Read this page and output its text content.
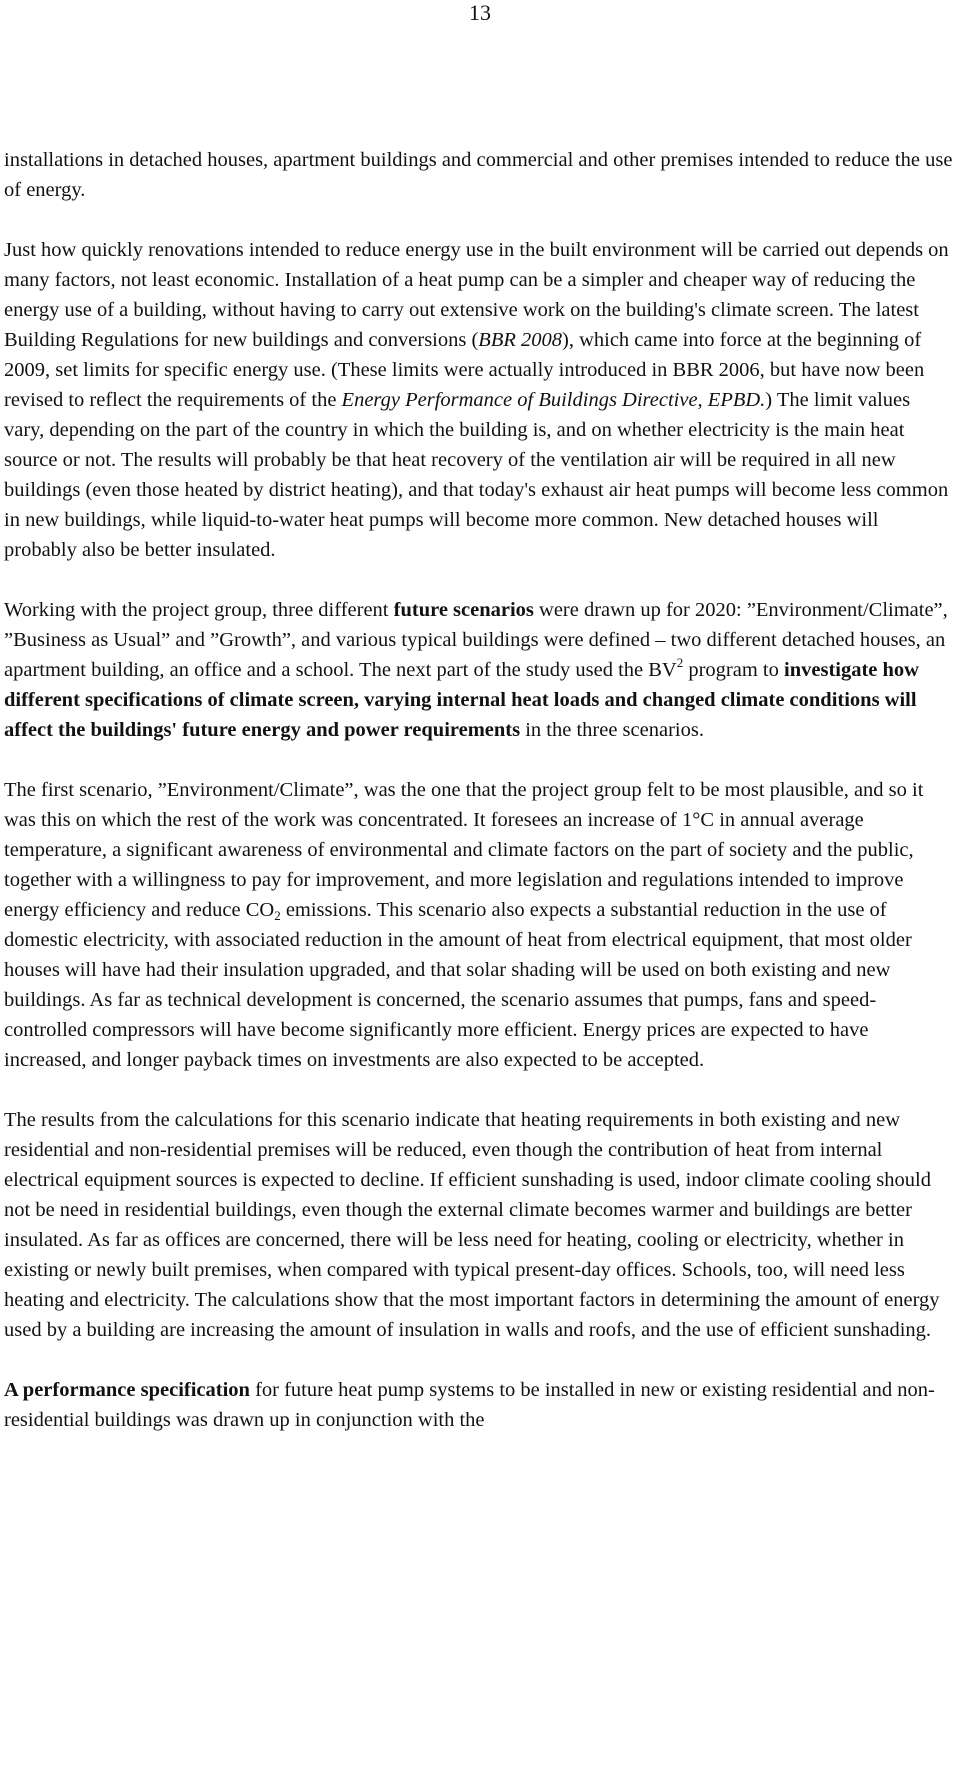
13

installations in detached houses, apartment buildings and commercial and other premises intended to reduce the use of energy.

Just how quickly renovations intended to reduce energy use in the built environment will be carried out depends on many factors, not least economic. Installation of a heat pump can be a simpler and cheaper way of reducing the energy use of a building, without having to carry out extensive work on the building's climate screen. The latest Building Regulations for new buildings and conversions (BBR 2008), which came into force at the beginning of 2009, set limits for specific energy use. (These limits were actually introduced in BBR 2006, but have now been revised to reflect the requirements of the Energy Performance of Buildings Directive, EPBD.) The limit values vary, depending on the part of the country in which the building is, and on whether electricity is the main heat source or not. The results will probably be that heat recovery of the ventilation air will be required in all new buildings (even those heated by district heating), and that today's exhaust air heat pumps will become less common in new buildings, while liquid-to-water heat pumps will become more common. New detached houses will probably also be better insulated.

Working with the project group, three different future scenarios were drawn up for 2020: ”Environment/Climate”, ”Business as Usual” and ”Growth”, and various typical buildings were defined – two different detached houses, an apartment building, an office and a school. The next part of the study used the $BV^2$ program to investigate how different specifications of climate screen, varying internal heat loads and changed climate conditions will affect the buildings' future energy and power requirements in the three scenarios.

The first scenario, ”Environment/Climate”, was the one that the project group felt to be most plausible, and so it was this on which the rest of the work was concentrated. It foresees an increase of 1°C in annual average temperature, a significant awareness of environmental and climate factors on the part of society and the public, together with a willingness to pay for improvement, and more legislation and regulations intended to improve energy efficiency and reduce $CO_2$ emissions. This scenario also expects a substantial reduction in the use of domestic electricity, with associated reduction in the amount of heat from electrical equipment, that most older houses will have had their insulation upgraded, and that solar shading will be used on both existing and new buildings. As far as technical development is concerned, the scenario assumes that pumps, fans and speed-controlled compressors will have become significantly more efficient. Energy prices are expected to have increased, and longer payback times on investments are also expected to be accepted.

The results from the calculations for this scenario indicate that heating requirements in both existing and new residential and non-residential premises will be reduced, even though the contribution of heat from internal electrical equipment sources is expected to decline. If efficient sunshading is used, indoor climate cooling should not be need in residential buildings, even though the external climate becomes warmer and buildings are better insulated. As far as offices are concerned, there will be less need for heating, cooling or electricity, whether in existing or newly built premises, when compared with typical present-day offices. Schools, too, will need less heating and electricity. The calculations show that the most important factors in determining the amount of energy used by a building are increasing the amount of insulation in walls and roofs, and the use of efficient sunshading.

A performance specification for future heat pump systems to be installed in new or existing residential and non-residential buildings was drawn up in conjunction with the
